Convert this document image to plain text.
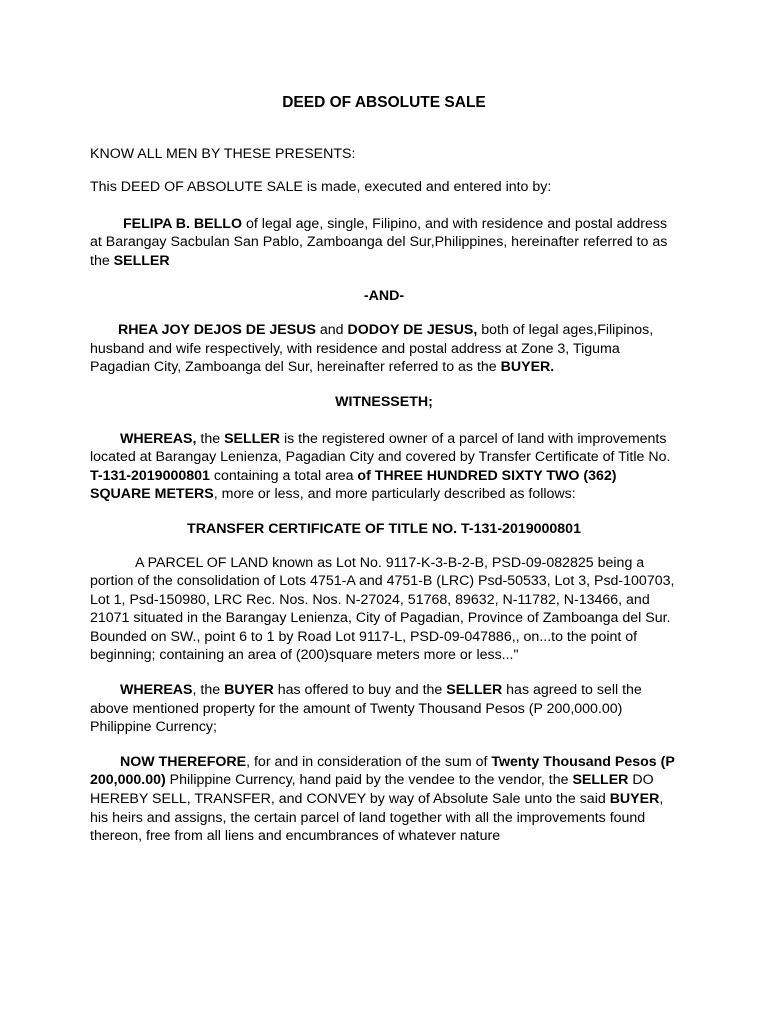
DEED OF ABSOLUTE SALE

KNOW ALL MEN BY THESE PRESENTS:

This DEED OF ABSOLUTE SALE is made, executed and entered into by:

FELIPA B. BELLO of legal age, single, Filipino, and with residence and postal address at Barangay Sacbulan San Pablo, Zamboanga del Sur,Philippines, hereinafter referred to as the SELLER

-AND-

RHEA JOY DEJOS DE JESUS and DODOY DE JESUS, both of legal ages,Filipinos, husband and wife respectively, with residence and postal address at Zone 3, Tiguma Pagadian City, Zamboanga del Sur, hereinafter referred to as the BUYER.

WITNESSETH;

WHEREAS, the SELLER is the registered owner of a parcel of land with improvements located at Barangay Lenienza, Pagadian City and covered by Transfer Certificate of Title No. T-131-2019000801 containing a total area of THREE HUNDRED SIXTY TWO (362) SQUARE METERS, more or less, and more particularly described as follows:

TRANSFER CERTIFICATE OF TITLE NO. T-131-2019000801

A PARCEL OF LAND known as Lot No. 9117-K-3-B-2-B, PSD-09-082825 being a portion of the consolidation of Lots 4751-A and 4751-B (LRC) Psd-50533, Lot 3, Psd-100703, Lot 1, Psd-150980, LRC Rec. Nos. Nos. N-27024, 51768, 89632, N-11782, N-13466, and 21071 situated in the Barangay Lenienza, City of Pagadian, Province of Zamboanga del Sur. Bounded on SW., point 6 to 1 by Road Lot 9117-L, PSD-09-047886,, on...to the point of beginning; containing an area of (200)square meters more or less..."

WHEREAS, the BUYER has offered to buy and the SELLER has agreed to sell the above mentioned property for the amount of Twenty Thousand Pesos (P 200,000.00) Philippine Currency;

NOW THEREFORE, for and in consideration of the sum of Twenty Thousand Pesos (P 200,000.00) Philippine Currency, hand paid by the vendee to the vendor, the SELLER DO HEREBY SELL, TRANSFER, and CONVEY by way of Absolute Sale unto the said BUYER, his heirs and assigns, the certain parcel of land together with all the improvements found thereon, free from all liens and encumbrances of whatever nature
